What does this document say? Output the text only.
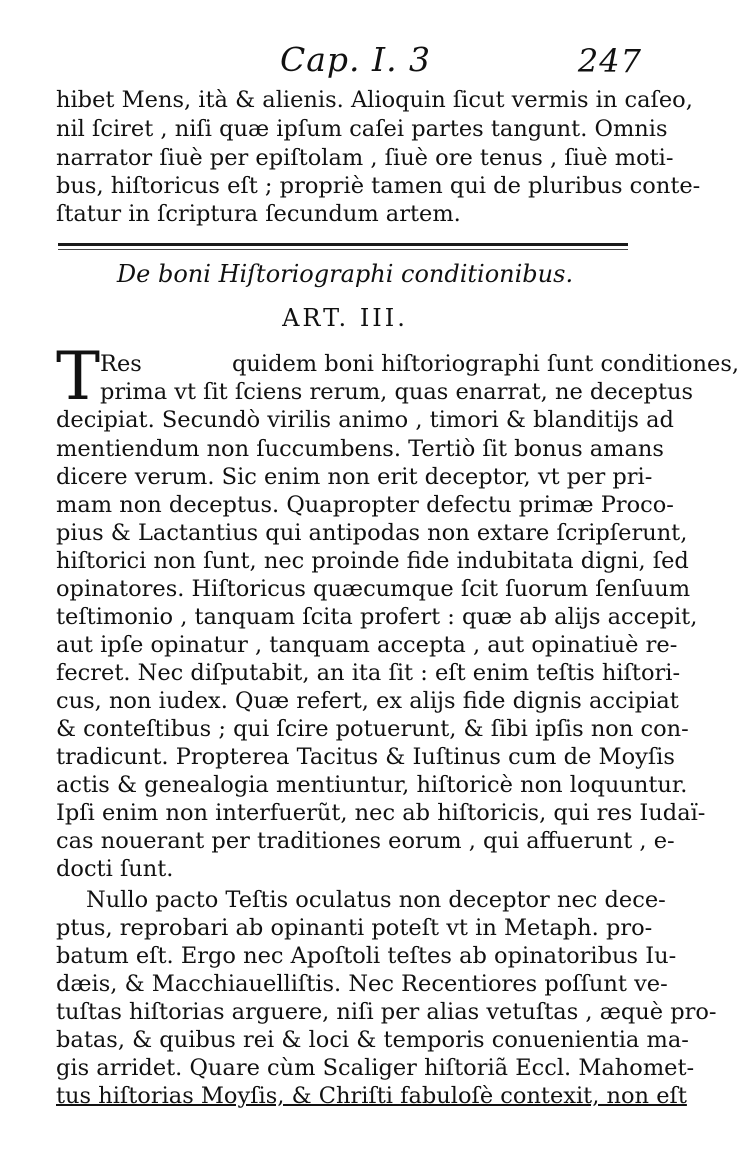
Cap. I. 3	247
hibet Mens, ità & alienis. Alioquin ſicut vermis in caſeo,
nil ſciret , niſi quæ ipſum caſei partes tangunt. Omnis
narrator ſiuè per epiſtolam , ſiuè ore tenus , ſiuè moti-
bus, hiſtoricus eſt ; propriè tamen qui de pluribus conte-
ſtatur in ſcriptura ſecundum artem.
De boni Hiſtoriographi conditionibus.
ART. III.
T Res	quidem boni hiſtoriographi ſunt conditiones,
prima vt ſit ſciens rerum, quas enarrat, ne deceptus
decipiat. Secundò virilis animo , timori & blanditijs ad
mentiendum non ſuccumbens. Tertiò ſit bonus amans
dicere verum. Sic enim non erit deceptor, vt per pri-
mam non deceptus. Quapropter defectu primæ Proco-
pius & Lactantius qui antipodas non extare ſcripſerunt,
hiſtorici non ſunt, nec proinde fide indubitata digni, ſed
opinatores. Hiſtoricus quæcumque ſcit ſuorum ſenſuum
teſtimonio , tanquam ſcita profert : quæ ab alijs accepit,
aut ipſe opinatur , tanquam accepta , aut opinatiuè re-
fecret. Nec diſputabit, an ita ſit : eſt enim teſtis hiſtori-
cus, non iudex. Quæ refert, ex alijs fide dignis accipiat
& conteſtibus ; qui ſcire potuerunt, & ſibi ipſis non con-
tradicunt. Propterea Tacitus & Iuſtinus cum de Moyſis
actis & genealogia mentiuntur, hiſtoricè non loquuntur.
Ipſi enim non interfuerũt, nec ab hiſtoricis, qui res Iudaï-
cas nouerant per traditiones eorum , qui affuerunt , e-
docti ſunt.
Nullo pacto Teſtis oculatus non deceptor nec dece-
ptus, reprobari ab opinanti poteſt vt in Metaph. pro-
batum eſt. Ergo nec Apoſtoli teſtes ab opinatoribus Iu-
dæis, & Macchiauelliſtis. Nec Recentiores poſſunt ve-
tuſtas hiſtorias arguere, niſi per alias vetuſtas , æquè pro-
batas, & quibus rei & loci & temporis conuenientia ma-
gis arridet. Quare cùm Scaliger hiſtoriã Eccl. Mahomet-
tus hiſtorias Moyſis, & Chriſti fabuloſè contexit, non eſt
